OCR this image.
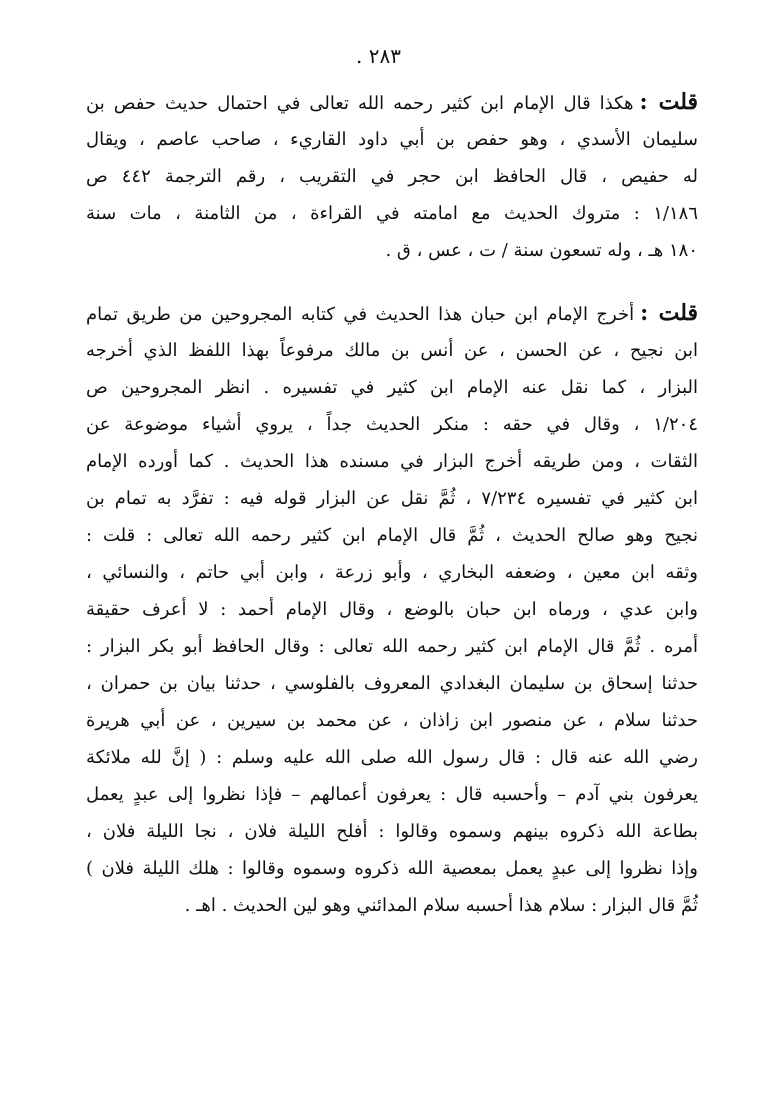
٢٨٣ .
قلت :هكذا قال الإمام ابن كثير رحمه الله تعالى في احتمال حديث حفص بن
سليمان الأسدي ، وهو حفص بن أبي داود القاريء ، صاحب عاصم ، ويقال
له حفيص ، قال الحافظ ابن حجر في التقريب ، رقم الترجمة ٤٤٢ ص
١/١٨٦ : متروك الحديث مع امامته في القراءة ، من الثامنة ، مات سنة
١٨٠ هـ ، وله تسعون سنة / ت ، عس ، ق .
قلت :أخرج الإمام ابن حبان هذا الحديث في كتابه المجروحين من طريق تمام
ابن نجيح ، عن الحسن ، عن أنس بن مالك مرفوعاً بهذا اللفظ الذي أخرجه
البزار ، كما نقل عنه الإمام ابن كثير في تفسيره . انظر المجروحين ص
١/٢٠٤ ، وقال في حقه : منكر الحديث جداً ، يروي أشياء موضوعة عن
الثقات ، ومن طريقه أخرج البزار في مسنده هذا الحديث . كما أورده الإمام
ابن كثير في تفسيره ٧/٢٣٤ ، ثُمَّ نقل عن البزار قوله فيه : تفرَّد به تمام بن
نجيح وهو صالح الحديث ، ثُمَّ قال الإمام ابن كثير رحمه الله تعالى : قلت :
وثقه ابن معين ، وضعفه البخاري ، وأبو زرعة ، وابن أبي حاتم ، والنسائي ،
وابن عدي ، ورماه ابن حبان بالوضع ، وقال الإمام أحمد : لا أعرف حقيقة
أمره . ثُمَّ قال الإمام ابن كثير رحمه الله تعالى : وقال الحافظ أبو بكر البزار :
حدثنا إسحاق بن سليمان البغدادي المعروف بالفلوسي ، حدثنا بيان بن حمران ،
حدثنا سلام ، عن منصور ابن زاذان ، عن محمد بن سيرين ، عن أبي هريرة
رضي الله عنه قال : قال رسول الله صلى الله عليه وسلم : ( إنَّ لله ملائكة
يعرفون بني آدم – وأحسبه قال : يعرفون أعمالهم – فإذا نظروا إلى عبدٍ يعمل
بطاعة الله ذكروه بينهم وسموه وقالوا : أفلح الليلة فلان ، نجا الليلة فلان ،
وإذا نظروا إلى عبدٍ يعمل بمعصية الله ذكروه وسموه وقالوا : هلك الليلة فلان )
ثُمَّ قال البزار : سلام هذا أحسبه سلام المدائني وهو لين الحديث . اهـ .
